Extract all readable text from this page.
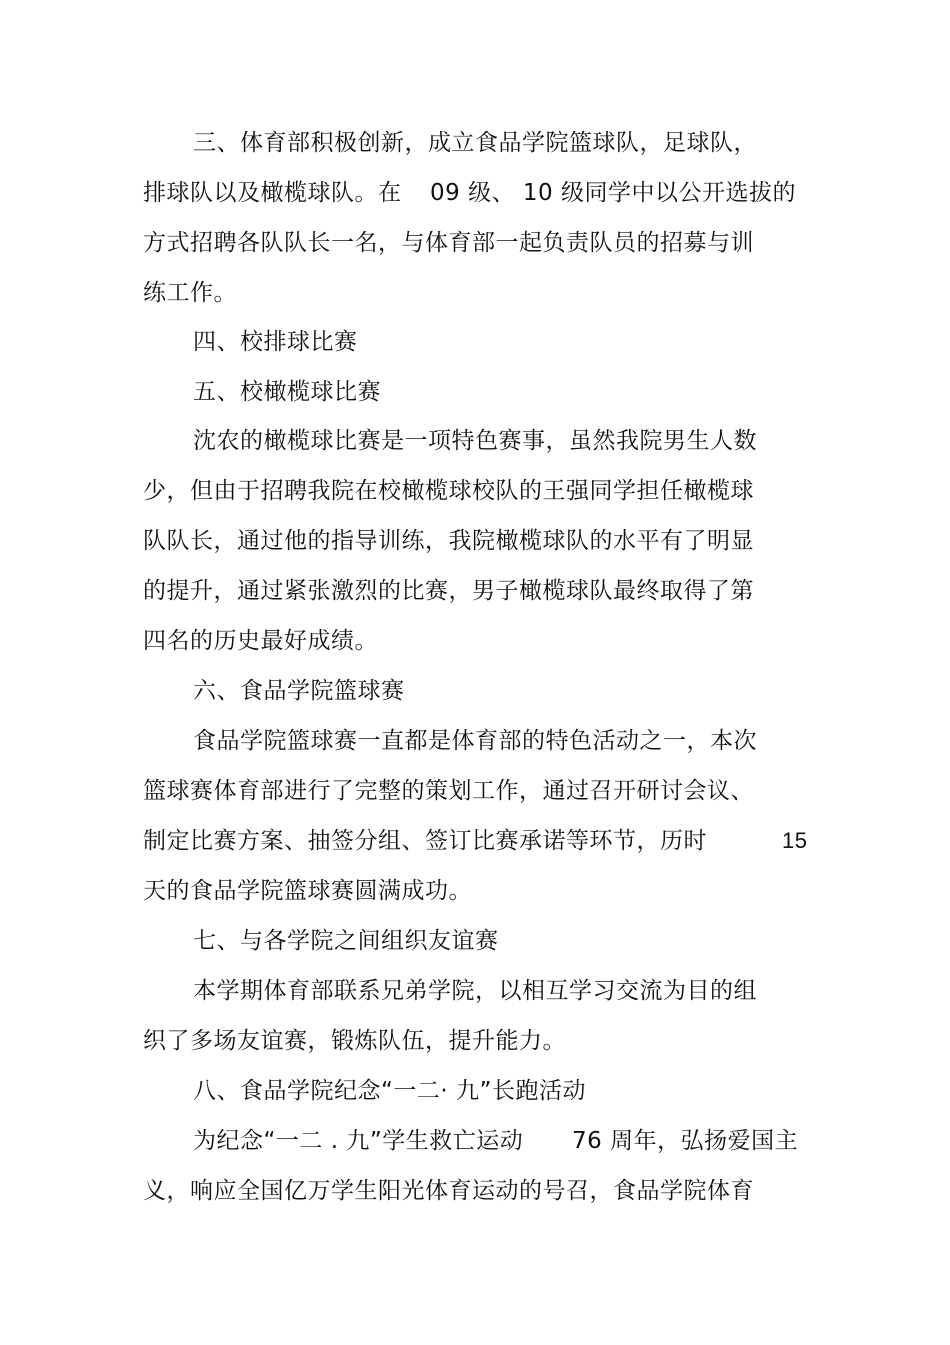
三、体育部积极创新，成立食品学院篮球队，足球队，
排球队以及橄榄球队。在 09 级、 10 级同学中以公开选拔的
方式招聘各队队长一名，与体育部一起负责队员的招募与训
练工作。
四、校排球比赛
五、校橄榄球比赛
沈农的橄榄球比赛是一项特色赛事，虽然我院男生人数
少，但由于招聘我院在校橄榄球校队的王强同学担任橄榄球
队队长，通过他的指导训练，我院橄榄球队的水平有了明显
的提升，通过紧张激烈的比赛，男子橄榄球队最终取得了第
四名的历史最好成绩。
六、食品学院篮球赛
食品学院篮球赛一直都是体育部的特色活动之一，本次
篮球赛体育部进行了完整的策划工作，通过召开研讨会议、
制定比赛方案、抽签分组、签订比赛承诺等环节，历时	15
天的食品学院篮球赛圆满成功。
七、与各学院之间组织友谊赛
本学期体育部联系兄弟学院，以相互学习交流为目的组
织了多场友谊赛，锻炼队伍，提升能力。
八、食品学院纪念“一二· 九”长跑活动
为纪念“一二 . 九”学生救亡运动 76 周年，弘扬爱国主
义，响应全国亿万学生阳光体育运动的号召，食品学院体育
